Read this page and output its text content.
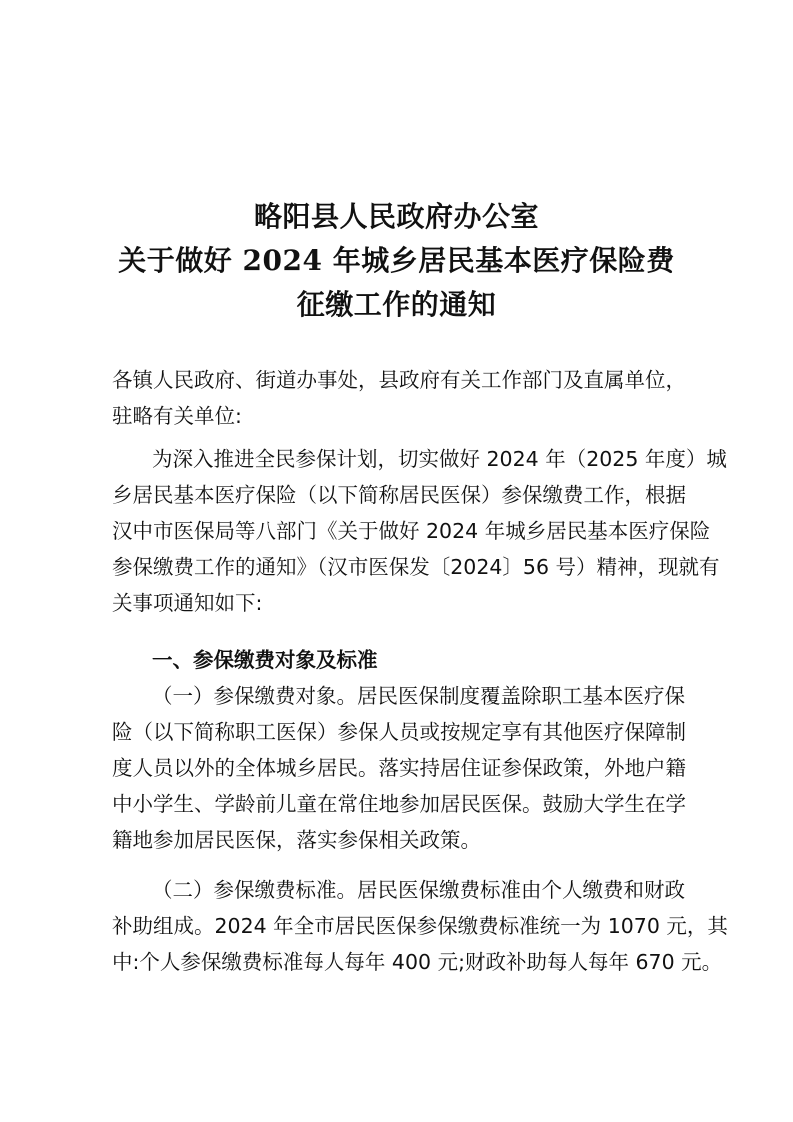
略阳县人民政府办公室
关于做好 2024 年城乡居民基本医疗保险费
征缴工作的通知
各镇人民政府、街道办事处，县政府有关工作部门及直属单位，
驻略有关单位:
为深入推进全民参保计划，切实做好 2024 年（2025 年度）城
乡居民基本医疗保险（以下简称居民医保）参保缴费工作，根据
汉中市医保局等八部门《关于做好 2024 年城乡居民基本医疗保险
参保缴费工作的通知》（汉市医保发〔2024〕56 号）精神，现就有
关事项通知如下:
一、参保缴费对象及标准
（一）参保缴费对象。居民医保制度覆盖除职工基本医疗保
险（以下简称职工医保）参保人员或按规定享有其他医疗保障制
度人员以外的全体城乡居民。落实持居住证参保政策，外地户籍
中小学生、学龄前儿童在常住地参加居民医保。鼓励大学生在学
籍地参加居民医保，落实参保相关政策。
（二）参保缴费标准。居民医保缴费标准由个人缴费和财政
补助组成。2024 年全市居民医保参保缴费标准统一为 1070 元，其
中:个人参保缴费标准每人每年 400 元;财政补助每人每年 670 元。
